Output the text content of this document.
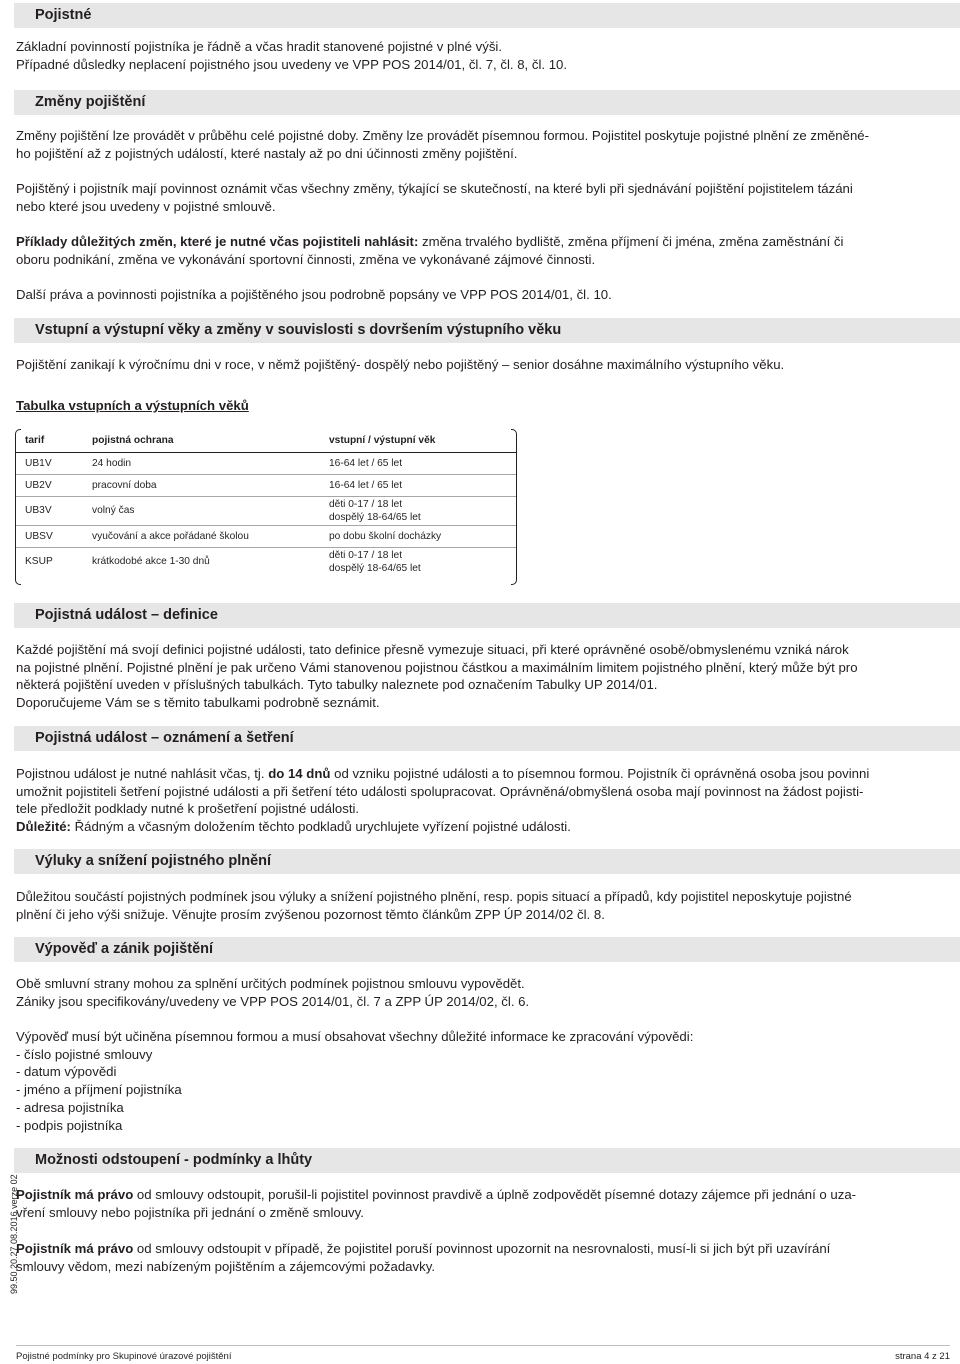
Pojistné

Základní povinností pojistníka je řádně a včas hradit stanovené pojistné v plné výši.
Případné důsledky neplacení pojistného jsou uvedeny ve VPP POS 2014/01, čl. 7, čl. 8, čl. 10.

Změny pojištění

Změny pojištění lze provádět v průběhu celé pojistné doby. Změny lze provádět písemnou formou. Pojistitel poskytuje pojistné plnění ze změněné-
ho pojištění až z pojistných událostí, které nastaly až po dni účinnosti změny pojištění.

Pojištěný i pojistník mají povinnost oznámit včas všechny změny, týkající se skutečností, na které byli při sjednávání pojištění pojistitelem tázáni
nebo které jsou uvedeny v pojistné smlouvě.

Příklady důležitých změn, které je nutné včas pojistiteli nahlásit: změna trvalého bydliště, změna příjmení či jména, změna zaměstnání či
oboru podnikání, změna ve vykonávání sportovní činnosti, změna ve vykonávané zájmové činnosti.

Další práva a povinnosti pojistníka a pojištěného jsou podrobně popsány ve VPP POS 2014/01, čl. 10.

Vstupní a výstupní věky a změny v souvislosti s dovršením výstupního věku

Pojištění zanikají k výročnímu dni v roce, v němž pojištěný- dospělý nebo pojištěný – senior dosáhne maximálního výstupního věku.

Tabulka vstupních a výstupních věků

tarif	pojistná ochrana	vstupní / výstupní věk
UB1V	24 hodin	16-64 let / 65 let
UB2V	pracovní doba	16-64 let / 65 let
UB3V	volný čas	děti 0-17 / 18 let
dospělý 18-64/65 let
UBSV	vyučování a akce pořádané školou	po dobu školní docházky
KSUP	krátkodobé akce 1-30 dnů	děti 0-17 / 18 let
dospělý 18-64/65 let
Pojistná událost – definice

Každé pojištění má svojí definici pojistné události, tato definice přesně vymezuje situaci, při které oprávněné osobě/obmyslenému vzniká nárok
na pojistné plnění. Pojistné plnění je pak určeno Vámi stanovenou pojistnou částkou a maximálním limitem pojistného plnění, který může být pro
některá pojištění uveden v příslušných tabulkách. Tyto tabulky naleznete pod označením Tabulky UP 2014/01.
Doporučujeme Vám se s těmito tabulkami podrobně seznámit.

Pojistná událost – oznámení a šetření

Pojistnou událost je nutné nahlásit včas, tj. do 14 dnů od vzniku pojistné události a to písemnou formou. Pojistník či oprávněná osoba jsou povinni
umožnit pojistiteli šetření pojistné události a při šetření této události spolupracovat. Oprávněná/obmyšlená osoba mají povinnost na žádost pojisti-
tele předložit podklady nutné k prošetření pojistné události.
Důležité: Řádným a včasným doložením těchto podkladů urychlujete vyřízení pojistné události.

Výluky a snížení pojistného plnění

Důležitou součástí pojistných podmínek jsou výluky a snížení pojistného plnění, resp. popis situací a případů, kdy pojistitel neposkytuje pojistné
plnění či jeho výši snižuje. Věnujte prosím zvýšenou pozornost těmto článkům ZPP ÚP 2014/02 čl. 8.

Výpověď a zánik pojištění

Obě smluvní strany mohou za splnění určitých podmínek pojistnou smlouvu vypovědět.
Zániky jsou specifikovány/uvedeny ve VPP POS 2014/01, čl. 7 a ZPP ÚP 2014/02, čl. 6.

Výpověď musí být učiněna písemnou formou a musí obsahovat všechny důležité informace ke zpracování výpovědi:
- číslo pojistné smlouvy
- datum výpovědi
- jméno a příjmení pojistníka
- adresa pojistníka
- podpis pojistníka

Možnosti odstoupení - podmínky a lhůty

Pojistník má právo od smlouvy odstoupit, porušil-li pojistitel povinnost pravdivě a úplně zodpovědět písemné dotazy zájemce při jednání o uza-
vření smlouvy nebo pojistníka při jednání o změně smlouvy.

Pojistník má právo od smlouvy odstoupit v případě, že pojistitel poruší povinnost upozornit na nesrovnalosti, musí-li si jich být při uzavírání
smlouvy vědom, mezi nabízeným pojištěním a zájemcovými požadavky.

99.50.20.27 08.2016 verze 02
Pojistné podmínky pro Skupinové úrazové pojištění	strana 4 z 21
